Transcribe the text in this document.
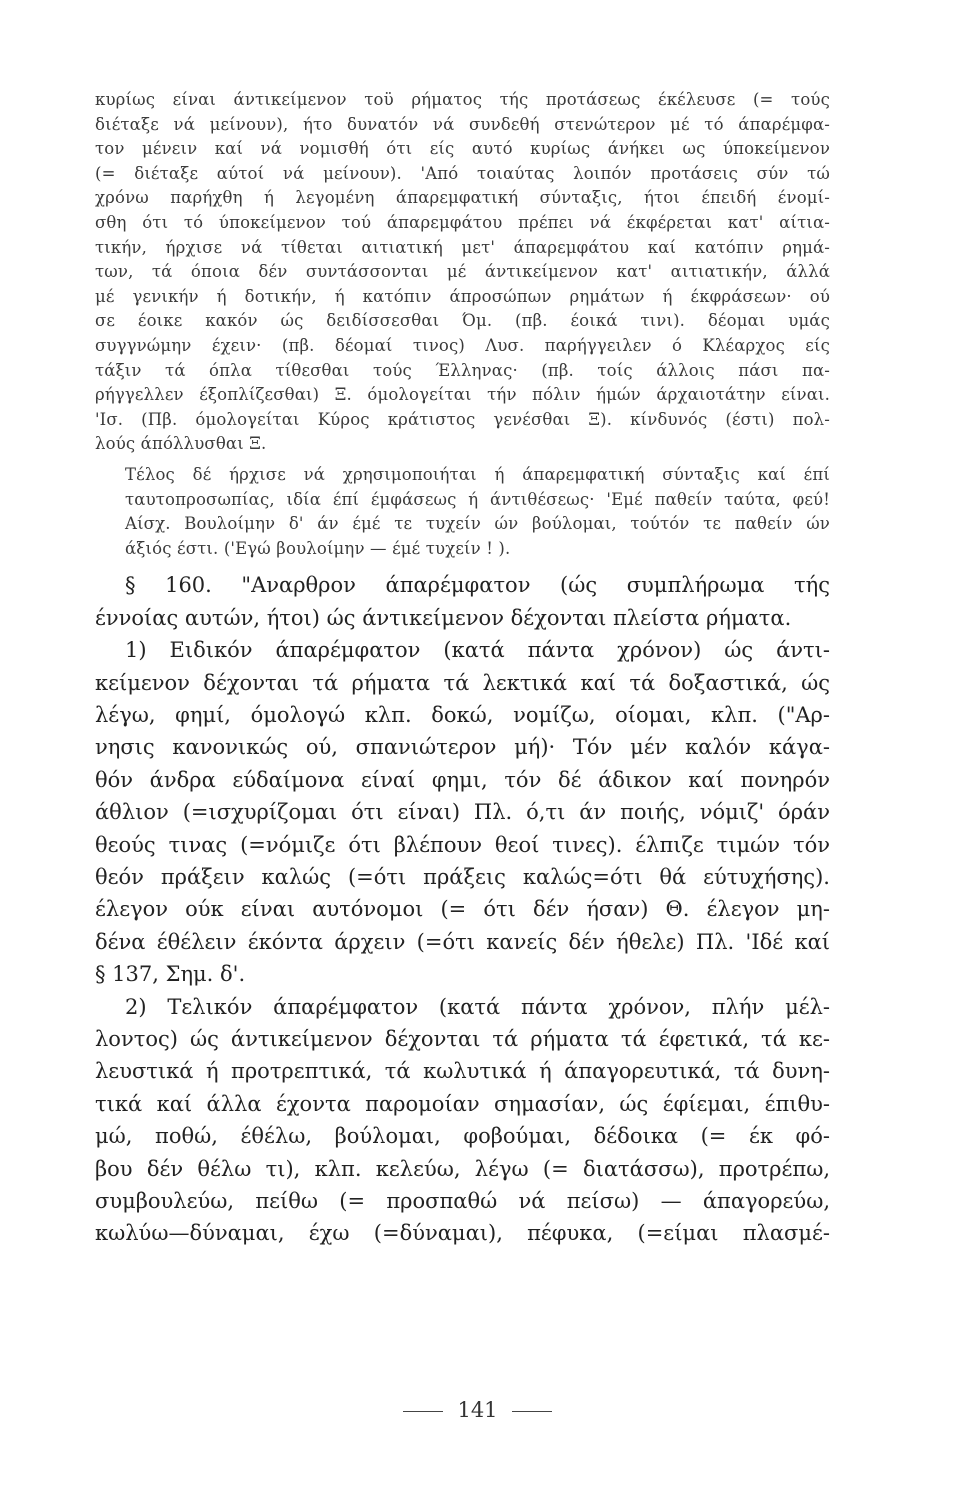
κυρίως είναι άντικείμενον τοϋ ρήματος τής προτάσεως έκέλευσε (= τούς
διέταξε νά μείνουν), ήτο δυνατόν νά συνδεθή στενώτερον μέ τό άπαρέμφα-
τον μένειν καί νά νομισθή ότι είς αυτό κυρίως άνήκει ως ύποκείμενον
(= διέταξε αύτοί νά μείνουν). 'Από τοιαύτας λοιπόν προτάσεις σύν τώ
χρόνω παρήχθη ή λεγομένη άπαρεμφατική σύνταξις, ήτοι έπειδή ένομί-
σθη ότι τό ύποκείμενον τού άπαρεμφάτου πρέπει νά έκφέρεται κατ' αίτια-
τικήν, ήρχισε νά τίθεται αιτιατική μετ' άπαρεμφάτου καί κατόπιν ρημά-
των, τά όποια δέν συντάσσονται μέ άντικείμενον κατ' αιτιατικήν, άλλά
μέ γενικήν ή δοτικήν, ή κατόπιν άπροσώπων ρημάτων ή έκφράσεων· ού
σε έοικε κακόν ώς δειδίσσεσθαι Όμ. (πβ. έοικά τινι). δέομαι υμάς
συγγνώμην έχειν· (πβ. δέομαί τινος) Λυσ. παρήγγειλεν ό Κλέαρχος είς
τάξιν τά όπλα τίθεσθαι τούς Έλληνας· (πβ. τοίς άλλοις πάσι πα-
ρήγγελλεν έξοπλίζεσθαι) Ξ. όμολογείται τήν πόλιν ήμών άρχαιοτάτην είναι.
'Ισ. (Πβ. όμολογείται Κύρος κράτιστος γενέσθαι Ξ). κίνδυνός (έστι) πολ-
λούς άπόλλυσθαι Ξ.
Τέλος δέ ήρχισε νά χρησιμοποιήται ή άπαρεμφατική σύνταξις καί έπί
ταυτοπροσωπίας, ιδία έπί έμφάσεως ή άντιθέσεως· 'Εμέ παθείν ταύτα, φεύ!
Αίσχ. Βουλοίμην δ' άν έμέ τε τυχείν ών βούλομαι, τούτόν τε παθείν ών
άξιός έστι. ('Εγώ βουλοίμην — έμέ τυχείν ! ).
§ 160. "Αναρθρον άπαρέμφατον (ώς συμπλήρωμα τής
έννοίας αυτών, ήτοι) ώς άντικείμενον δέχονται πλείστα ρήματα.
1) Ειδικόν άπαρέμφατον (κατά πάντα χρόνον) ώς άντι-
κείμενον δέχονται τά ρήματα τά λεκτικά καί τά δοξαστικά, ώς
λέγω, φημί, όμολογώ κλπ. δοκώ, νομίζω, οίομαι, κλπ. ("Αρ-
νησις κανονικώς ού, σπανιώτερον μή)· Τόν μέν καλόν κάγα-
θόν άνδρα εύδαίμονα είναί φημι, τόν δέ άδικον καί πονηρόν
άθλιον (=ισχυρίζομαι ότι είναι) Πλ. ό,τι άν ποιής, νόμιζ' όράν
θεούς τινας (=νόμιζε ότι βλέπουν θεοί τινες). έλπιζε τιμών τόν
θεόν πράξειν καλώς (=ότι πράξεις καλώς=ότι θά εύτυχήσης).
έλεγον ούκ είναι αυτόνομοι (= ότι δέν ήσαν) Θ. έλεγον μη-
δένα έθέλειν έκόντα άρχειν (=ότι κανείς δέν ήθελε) Πλ. 'Ιδέ καί
§ 137, Σημ. δ'.
2) Τελικόν άπαρέμφατον (κατά πάντα χρόνον, πλήν μέλ-
λοντος) ώς άντικείμενον δέχονται τά ρήματα τά έφετικά, τά κε-
λευστικά ή προτρεπτικά, τά κωλυτικά ή άπαγορευτικά, τά δυνη-
τικά καί άλλα έχοντα παρομοίαν σημασίαν, ώς έφίεμαι, έπιθυ-
μώ, ποθώ, έθέλω, βούλομαι, φοβούμαι, δέδοικα (= έκ φό-
βου δέν θέλω τι), κλπ. κελεύω, λέγω (= διατάσσω), προτρέπω,
συμβουλεύω, πείθω (= προσπαθώ νά πείσω) — άπαγορεύω,
κωλύω—δύναμαι, έχω (=δύναμαι), πέφυκα, (=είμαι πλασμέ-
141
